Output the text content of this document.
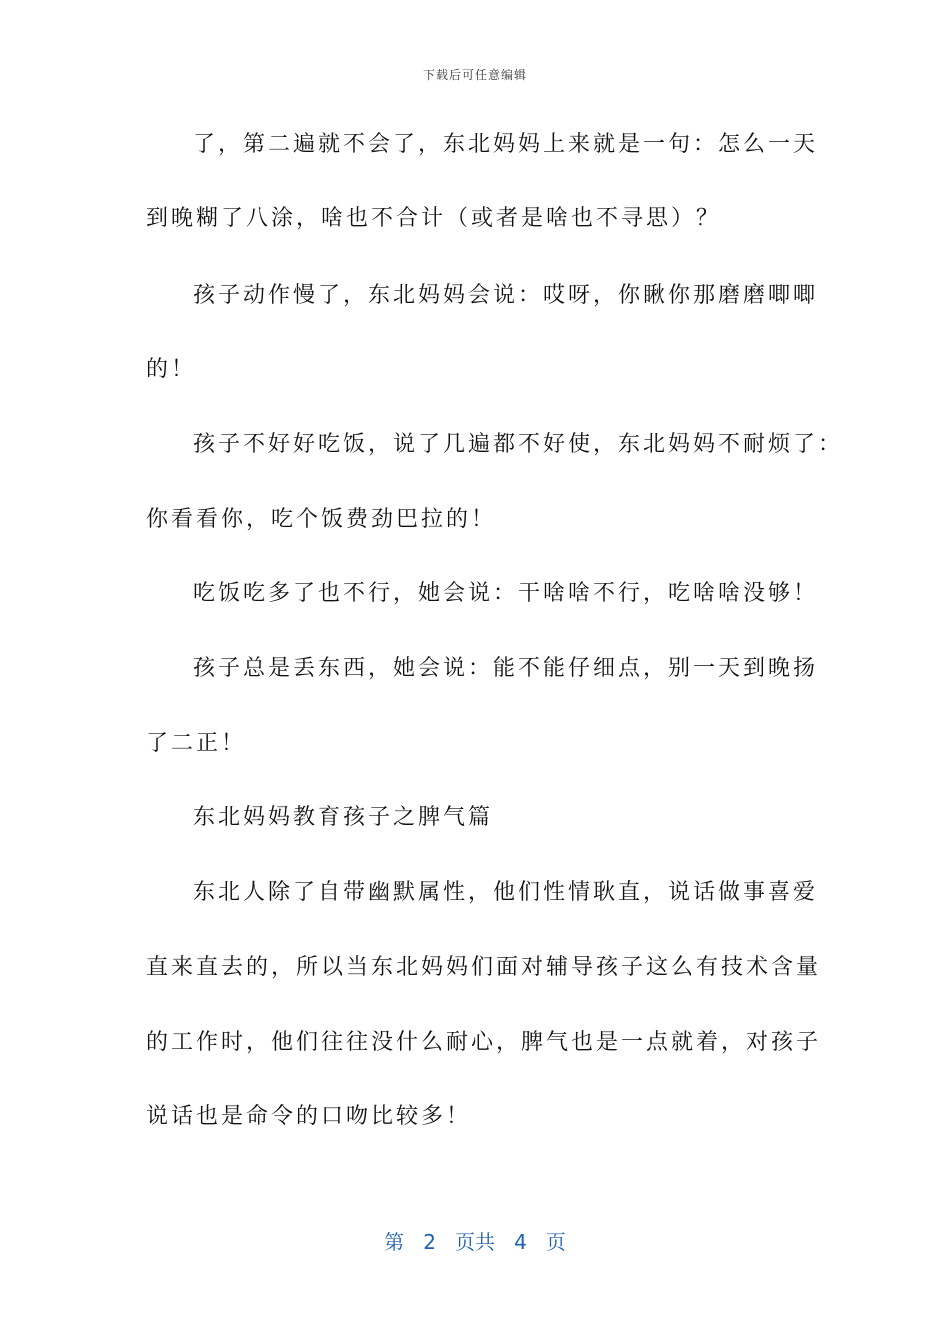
下载后可任意编辑
了，第二遍就不会了，东北妈妈上来就是一句：怎么一天
到晚糊了八涂，啥也不合计（或者是啥也不寻思）？
孩子动作慢了，东北妈妈会说：哎呀，你瞅你那磨磨唧唧
的！
孩子不好好吃饭，说了几遍都不好使，东北妈妈不耐烦了：
你看看你，吃个饭费劲巴拉的！
吃饭吃多了也不行，她会说：干啥啥不行，吃啥啥没够！
孩子总是丢东西，她会说：能不能仔细点，别一天到晚扬
了二正！
东北妈妈教育孩子之脾气篇
东北人除了自带幽默属性，他们性情耿直，说话做事喜爱
直来直去的，所以当东北妈妈们面对辅导孩子这么有技术含量
的工作时，他们往往没什么耐心，脾气也是一点就着，对孩子
说话也是命令的口吻比较多！
第 2 页共 4 页
